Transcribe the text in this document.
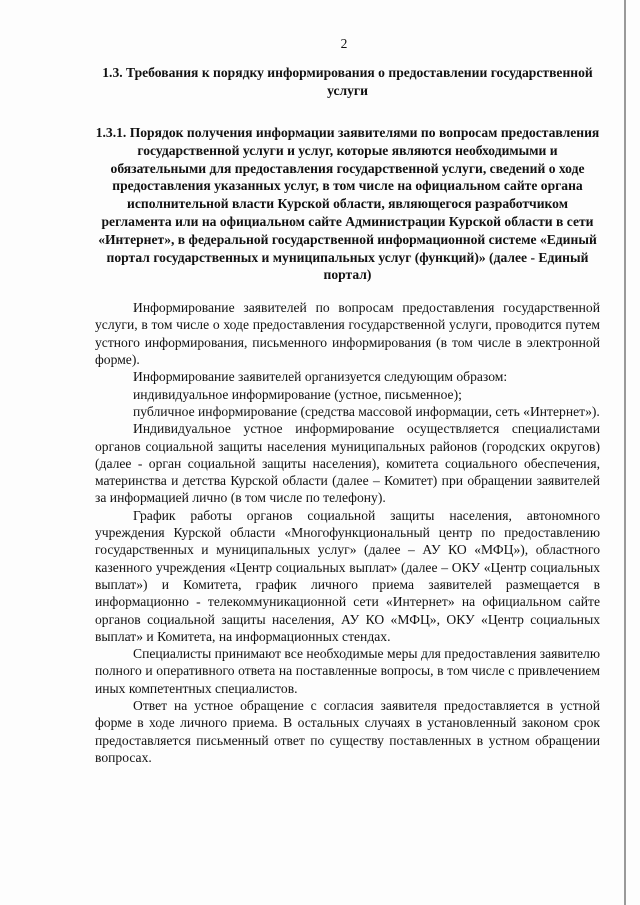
2
1.3. Требования к порядку информирования о предоставлении государственной услуги
1.3.1. Порядок получения информации заявителями по вопросам предоставления государственной услуги и услуг, которые являются необходимыми и обязательными для предоставления государственной услуги, сведений о ходе предоставления указанных услуг, в том числе на официальном сайте органа исполнительной власти Курской области, являющегося разработчиком регламента или на официальном сайте Администрации Курской области в сети «Интернет», в федеральной государственной информационной системе «Единый портал государственных и муниципальных услуг (функций)» (далее - Единый портал)

Информирование заявителей по вопросам предоставления государственной услуги, в том числе о ходе предоставления государственной услуги, проводится путем устного информирования, письменного информирования (в том числе в электронной форме).

Информирование заявителей организуется следующим образом:

индивидуальное информирование (устное, письменное);

публичное информирование (средства массовой информации, сеть «Интернет»).

Индивидуальное устное информирование осуществляется специалистами органов социальной защиты населения муниципальных районов (городских округов) (далее - орган социальной защиты населения), комитета социального обеспечения, материнства и детства Курской области (далее – Комитет) при обращении заявителей за информацией лично (в том числе по телефону).

График работы органов социальной защиты населения, автономного учреждения Курской области «Многофункциональный центр по предоставлению государственных и муниципальных услуг» (далее – АУ КО «МФЦ»), областного казенного учреждения «Центр социальных выплат» (далее – ОКУ «Центр социальных выплат») и Комитета, график личного приема заявителей размещается в информационно - телекоммуникационной сети «Интернет» на официальном сайте органов социальной защиты населения, АУ КО «МФЦ», ОКУ «Центр социальных выплат» и Комитета, на информационных стендах.

Специалисты принимают все необходимые меры для предоставления заявителю полного и оперативного ответа на поставленные вопросы, в том числе с привлечением иных компетентных специалистов.

Ответ на устное обращение с согласия заявителя предоставляется в устной форме в ходе личного приема. В остальных случаях в установленный законом срок предоставляется письменный ответ по существу поставленных в устном обращении вопросах.
